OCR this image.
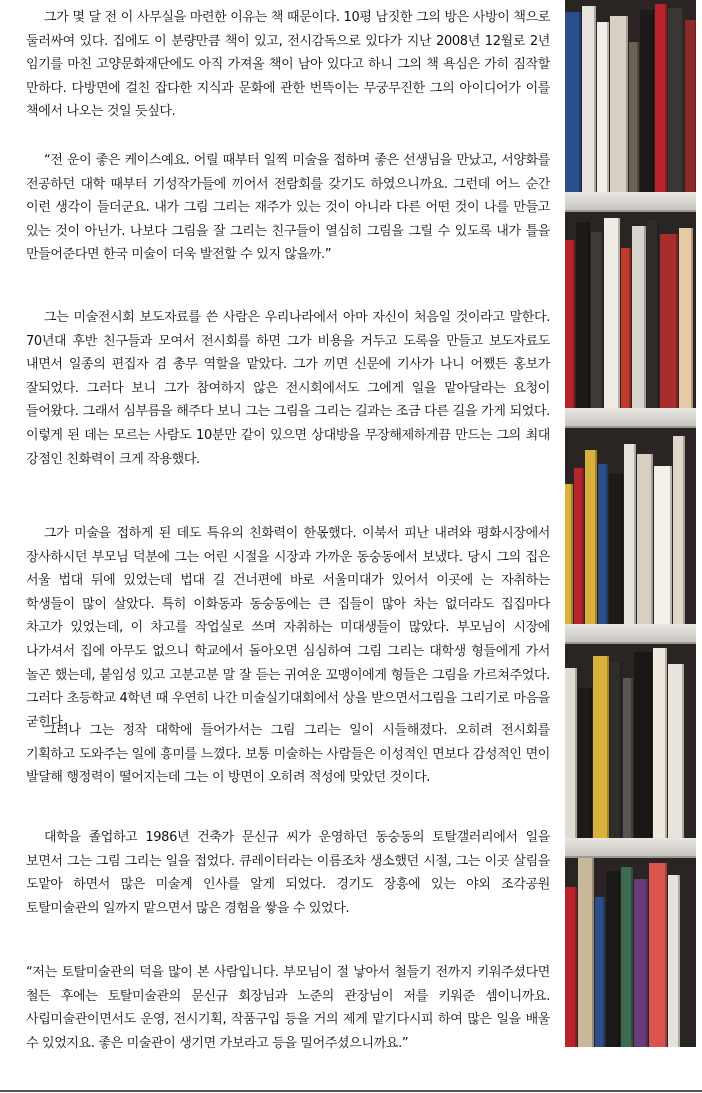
그가 몇 달 전 이 사무실을 마련한 이유는 책 때문이다. 10평 남짓한 그의 방은 사방이 책으로 둘러싸여 있다. 집에도 이 분량만큼 책이 있고, 전시감독으로 있다가 지난 2008년 12월로 2년 임기를 마친 고양문화재단에도 아직 가져올 책이 남아 있다고 하니 그의 책 욕심은 가히 짐작할 만하다. 다방면에 걸친 잡다한 지식과 문화에 관한 번뜩이는 무궁무진한 그의 아이디어가 이를 책에서 나오는 것일 듯싶다.

“전 운이 좋은 케이스예요. 어릴 때부터 일찍 미술을 접하며 좋은 선생님을 만났고, 서양화를 전공하던 대학 때부터 기성작가들에 끼어서 전람회를 갖기도 하였으니까요. 그런데 어느 순간 이런 생각이 들더군요. 내가 그림 그리는 재주가 있는 것이 아니라 다른 어떤 것이 나를 만들고 있는 것이 아닌가. 나보다 그림을 잘 그리는 친구들이 열심히 그림을 그릴 수 있도록 내가 틀을 만들어준다면 한국 미술이 더욱 발전할 수 있지 않을까.”

그는 미술전시회 보도자료를 쓴 사람은 우리나라에서 아마 자신이 처음일 것이라고 말한다. 70년대 후반 친구들과 모여서 전시회를 하면 그가 비용을 거두고 도록을 만들고 보도자료도 내면서 일종의 편집자 겸 총무 역할을 맡았다. 그가 끼면 신문에 기사가 나니 어쨌든 홍보가 잘되었다. 그러다 보니 그가 참여하지 않은 전시회에서도 그에게 일을 맡아달라는 요청이 들어왔다. 그래서 심부름을 해주다 보니 그는 그림을 그리는 길과는 조금 다른 길을 가게 되었다. 이렇게 된 데는 모르는 사람도 10분만 같이 있으면 상대방을 무장해제하게끔 만드는 그의 최대 강점인 친화력이 크게 작용했다.

그가 미술을 접하게 된 데도 특유의 친화력이 한몫했다. 이북서 피난 내려와 평화시장에서 장사하시던 부모님 덕분에 그는 어린 시절을 시장과 가까운 동숭동에서 보냈다. 당시 그의 집은 서울 법대 뒤에 있었는데 법대 길 건너편에 바로 서울미대가 있어서 이곳에 는 자취하는 학생들이 많이 살았다. 특히 이화동과 동숭동에는 큰 집들이 많아 차는 없더라도 집집마다 차고가 있었는데, 이 차고를 작업실로 쓰며 자취하는 미대생들이 많았다. 부모님이 시장에 나가셔서 집에 아무도 없으니 학교에서 돌아오면 심심하여 그림 그리는 대학생 형들에게 가서 놀곤 했는데, 붙임성 있고 고분고분 말 잘 듣는 귀여운 꼬맹이에게 형들은 그림을 가르쳐주었다. 그러다 초등학교 4학년 때 우연히 나간 미술실기대회에서 상을 받으면서그림을 그리기로 마음을 굳힌다.

그러나 그는 정작 대학에 들어가서는 그림 그리는 일이 시들해졌다. 오히려 전시회를 기획하고 도와주는 일에 흥미를 느꼈다. 보통 미술하는 사람들은 이성적인 면보다 감성적인 면이 발달해 행정력이 떨어지는데 그는 이 방면이 오히려 적성에 맞았던 것이다.

대학을 졸업하고 1986년 건축가 문신규 씨가 운영하던 동숭동의 토탈갤러리에서 일을 보면서 그는 그림 그리는 일을 접었다. 큐레이터라는 이름조차 생소했던 시절, 그는 이곳 살림을 도맡아 하면서 많은 미술계 인사를 알게 되었다. 경기도 장흥에 있는 야외 조각공원 토탈미술관의 일까지 맡으면서 많은 경험을 쌓을 수 있었다.

“저는 토탈미술관의 덕을 많이 본 사람입니다. 부모님이 절 낳아서 철들기 전까지 키워주셨다면 철든 후에는 토탈미술관의 문신규 회장님과 노준의 관장님이 저를 키워준 셈이니까요. 사립미술관이면서도 운영, 전시기획, 작품구입 등을 거의 제게 맡기다시피 하여 많은 일을 배울 수 있었지요. 좋은 미술관이 생기면 가보라고 등을 밀어주셨으니까요.”
